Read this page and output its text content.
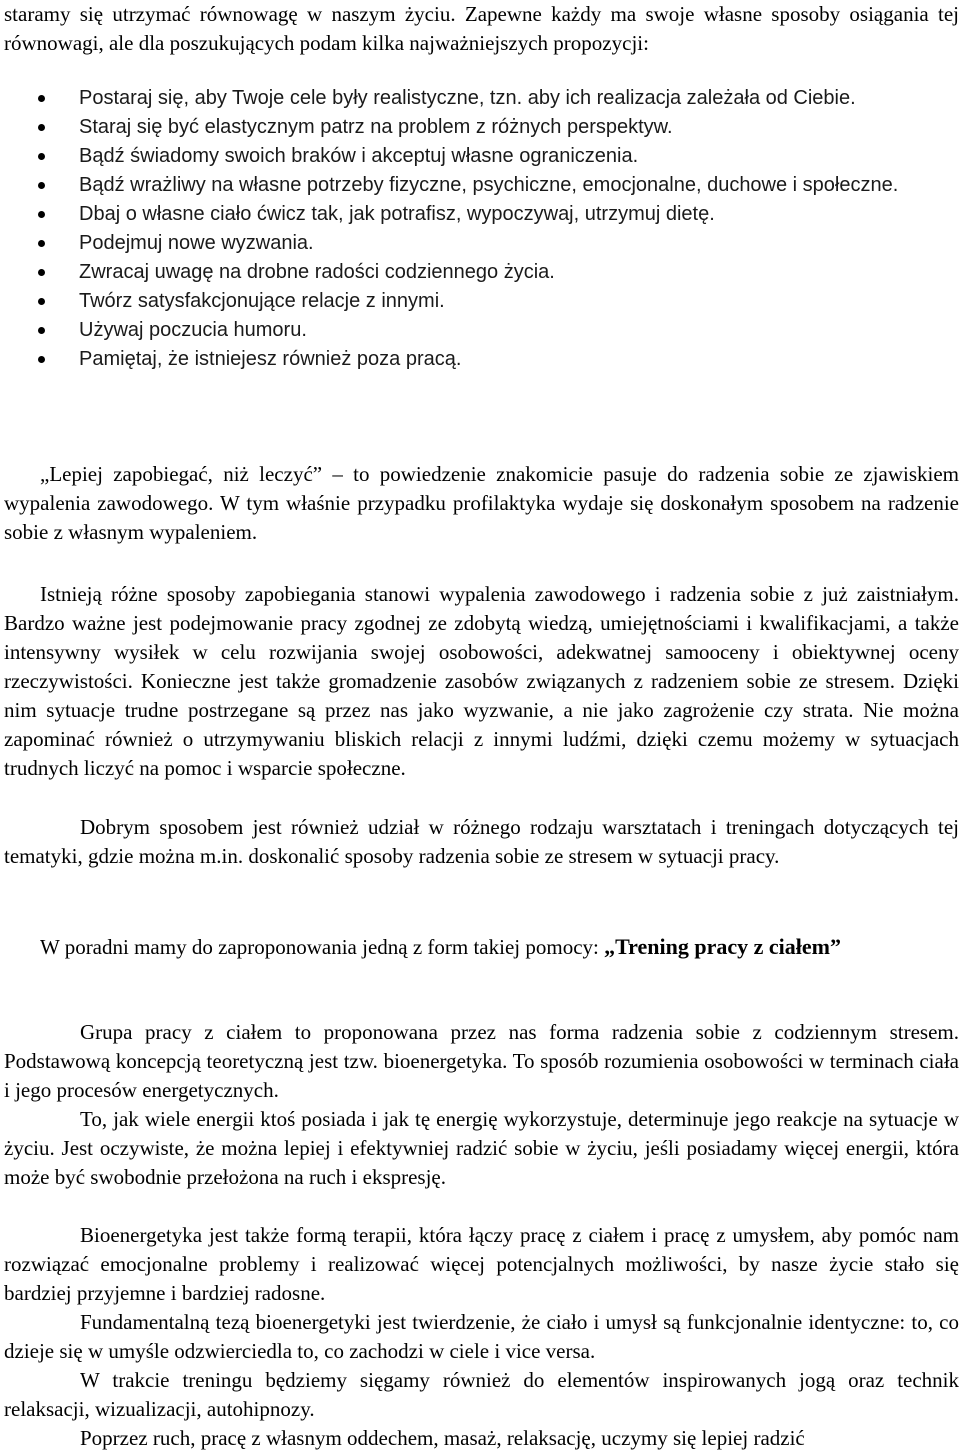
staramy się utrzymać równowagę w naszym życiu. Zapewne każdy ma swoje własne sposoby osiągania tej równowagi, ale dla poszukujących podam kilka najważniejszych propozycji:

Postaraj się, aby Twoje cele były realistyczne, tzn. aby ich realizacja zależała od Ciebie.
Staraj się być elastycznym patrz na problem z różnych perspektyw.
Bądź świadomy swoich braków i akceptuj własne ograniczenia.
Bądź wrażliwy na własne potrzeby fizyczne, psychiczne, emocjonalne, duchowe i społeczne.
Dbaj o własne ciało ćwicz tak, jak potrafisz, wypoczywaj, utrzymuj dietę.
Podejmuj nowe wyzwania.
Zwracaj uwagę na drobne radości codziennego życia.
Twórz satysfakcjonujące relacje z innymi.
Używaj poczucia humoru.
Pamiętaj, że istniejesz również poza pracą.

„Lepiej zapobiegać, niż leczyć” – to powiedzenie znakomicie pasuje do radzenia sobie ze zjawiskiem wypalenia zawodowego. W tym właśnie przypadku profilaktyka wydaje się doskonałym sposobem na radzenie sobie z własnym wypaleniem.

Istnieją różne sposoby zapobiegania stanowi wypalenia zawodowego i radzenia sobie z już zaistniałym. Bardzo ważne jest podejmowanie pracy zgodnej ze zdobytą wiedzą, umiejętnościami i kwalifikacjami, a także intensywny wysiłek w celu rozwijania swojej osobowości, adekwatnej samooceny i obiektywnej oceny rzeczywistości. Konieczne jest także gromadzenie zasobów związanych z radzeniem sobie ze stresem. Dzięki nim sytuacje trudne postrzegane są przez nas jako wyzwanie, a nie jako zagrożenie czy strata. Nie można zapominać również o utrzymywaniu bliskich relacji z innymi ludźmi, dzięki czemu możemy w sytuacjach trudnych liczyć na pomoc i wsparcie społeczne.

Dobrym sposobem jest również udział w różnego rodzaju warsztatach i treningach dotyczących tej tematyki, gdzie można m.in. doskonalić sposoby radzenia sobie ze stresem w sytuacji pracy.

W poradni mamy do zaproponowania jedną z form takiej pomocy: „Trening pracy z ciałem”

Grupa pracy z ciałem to proponowana przez nas forma radzenia sobie z codziennym stresem. Podstawową koncepcją teoretyczną jest tzw. bioenergetyka. To sposób rozumienia osobowości w terminach ciała i jego procesów energetycznych.

To, jak wiele energii ktoś posiada i jak tę energię wykorzystuje, determinuje jego reakcje na sytuacje w życiu. Jest oczywiste, że można lepiej i efektywniej radzić sobie w życiu, jeśli posiadamy więcej energii, która może być swobodnie przełożona na ruch i ekspresję.

Bioenergetyka jest także formą terapii, która łączy pracę z ciałem i pracę z umysłem, aby pomóc nam rozwiązać emocjonalne problemy i realizować więcej potencjalnych możliwości, by nasze życie stało się bardziej przyjemne i bardziej radosne.

Fundamentalną tezą bioenergetyki jest twierdzenie, że ciało i umysł są funkcjonalnie identyczne: to, co dzieje się w umyśle odzwierciedla to, co zachodzi w ciele i vice versa.

W trakcie treningu będziemy sięgamy również do elementów inspirowanych jogą oraz technik relaksacji, wizualizacji, autohipnozy.

Poprzez ruch, pracę z własnym oddechem, masaż, relaksację, uczymy się lepiej radzić
